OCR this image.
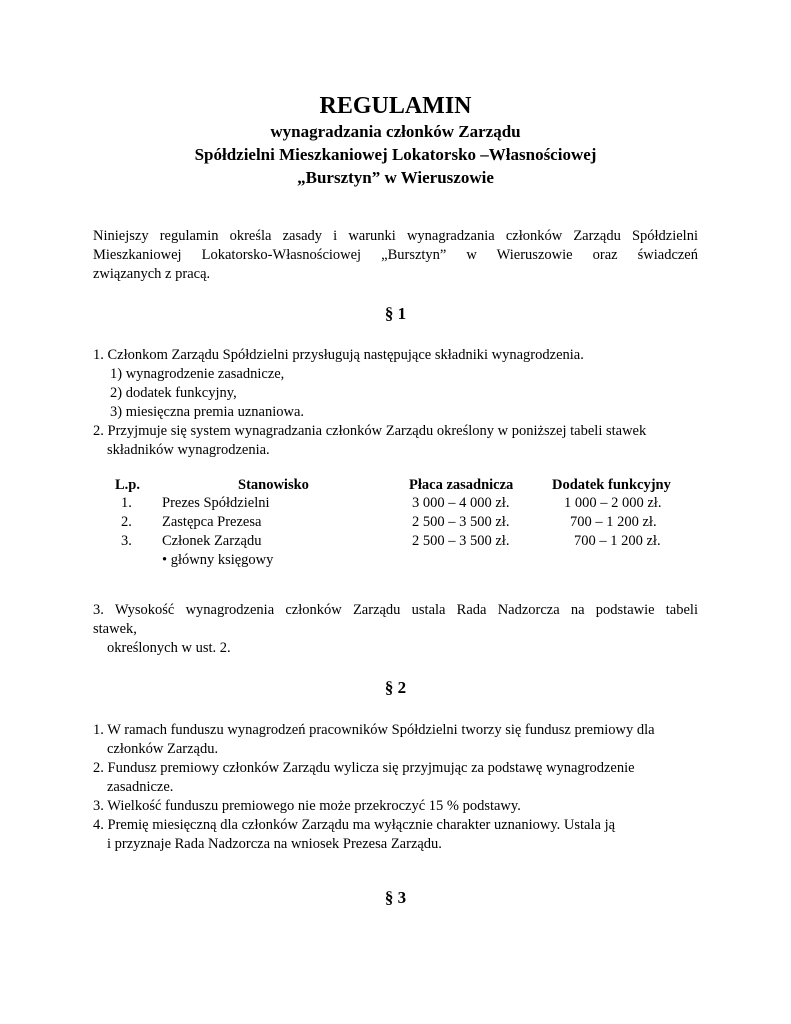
REGULAMIN
wynagradzania członków Zarządu
Spółdzielni Mieszkaniowej Lokatorsko –Własnościowej
„Bursztyn” w Wieruszowie
Niniejszy regulamin określa zasady i warunki wynagradzania członków Zarządu Spółdzielni
Mieszkaniowej Lokatorsko-Własnościowej „Bursztyn” w Wieruszowie oraz świadczeń
związanych z pracą.
§ 1
1. Członkom Zarządu Spółdzielni przysługują następujące składniki wynagrodzenia.
1) wynagrodzenie zasadnicze,
2) dodatek funkcyjny,
3) miesięczna premia uznaniowa.
2. Przyjmuje się system wynagradzania członków Zarządu określony w poniższej tabeli stawek
składników wynagrodzenia.
L.p.	Stanowisko	Płaca zasadnicza	Dodatek funkcyjny
1. Prezes Spółdzielni	3 000 – 4 000 zł.	1 000 – 2 000 zł.
2. Zastępca Prezesa	2 500 – 3 500 zł.	700 – 1 200 zł.
3. Członek Zarządu	2 500 – 3 500 zł.	700 – 1 200 zł.
• główny księgowy
3. Wysokość wynagrodzenia członków Zarządu ustala Rada Nadzorcza na podstawie tabeli
stawek,
określonych w ust. 2.
§ 2
1. W ramach funduszu wynagrodzeń pracowników Spółdzielni tworzy się fundusz premiowy dla
członków Zarządu.
2. Fundusz premiowy członków Zarządu wylicza się przyjmując za podstawę wynagrodzenie
zasadnicze.
3. Wielkość funduszu premiowego nie może przekroczyć 15 % podstawy.
4. Premię miesięczną dla członków Zarządu ma wyłącznie charakter uznaniowy. Ustala ją
i przyznaje Rada Nadzorcza na wniosek Prezesa Zarządu.
§ 3
